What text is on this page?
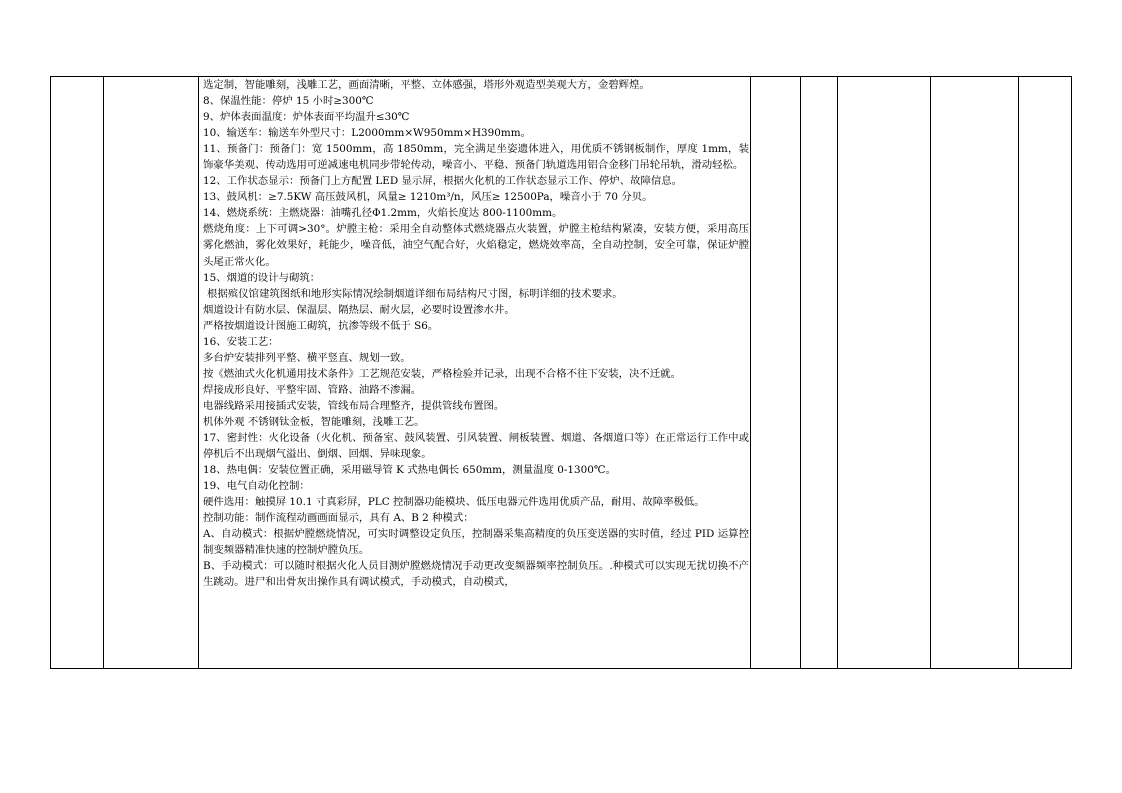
选定制，智能雕刻，浅雕工艺，画面清晰，平整、立体感强，塔形外观造型美观大方，金碧辉煌。

8、保温性能：停炉 15 小时≥300℃

9、炉体表面温度：炉体表面平均温升≤30℃

10、输送车：输送车外型尺寸：L2000mm×W950mm×H390mm。

11、预备门：预备门：宽 1500mm，高 1850mm，完全满足坐姿遗体进入，用优质不锈钢板制作，厚度 1mm，装饰豪华美观、传动选用可逆减速电机同步带轮传动，噪音小、平稳、预备门轨道选用铝合金移门吊轮吊轨，滑动轻松。

12、工作状态显示：预备门上方配置 LED 显示屏，根据火化机的工作状态显示工作、停炉、故障信息。

13、鼓风机：≥7.5KW 高压鼓风机，风量≥ 1210m³/n，风压≥ 12500Pa，噪音小于 70 分贝。

14、燃烧系统：主燃烧器：油嘴孔径Φ1.2mm，火焰长度达 800-1100mm。

燃烧角度：上下可调>30°。炉膛主枪：采用全自动整体式燃烧器点火装置，炉膛主枪结构紧凑，安装方便，采用高压雾化燃油，雾化效果好，耗能少，噪音低，油空气配合好，火焰稳定，燃烧效率高，全自动控制，安全可靠，保证炉膛头尾正常火化。

15、烟道的设计与砌筑：

根据殡仪馆建筑图纸和地形实际情况绘制烟道详细布局结构尺寸图，标明详细的技术要求。

烟道设计有防水层、保温层、隔热层、耐火层，必要时设置渗水井。

严格按烟道设计图施工砌筑，抗渗等级不低于 S6。

16、安装工艺：

多台炉安装排列平整、横平竖直、规划一致。

按《燃油式火化机通用技术条件》工艺规范安装，严格检验并记录，出现不合格不往下安装，决不迁就。

焊接成形良好、平整牢固、管路、油路不渗漏。

电器线路采用接插式安装，管线布局合理整齐，提供管线布置图。

机体外观 不锈钢钛金板，智能雕刻，浅雕工艺。

17、密封性：火化设备（火化机、预备室、鼓风装置、引风装置、闸板装置、烟道、各烟道口等）在正常运行工作中或停机后不出现烟气溢出、倒烟、回烟、异味现象。

18、热电偶：安装位置正确，采用磁导管 K 式热电偶长 650mm，测量温度 0-1300℃。

19、电气自动化控制：

硬件选用：触摸屏 10.1 寸真彩屏，PLC 控制器功能模块、低压电器元件选用优质产品，耐用、故障率极低。

控制功能：制作流程动画画面显示，具有 A、B 2 种模式：

A、自动模式：根据炉膛燃烧情况，可实时调整设定负压，控制器采集高精度的负压变送器的实时值，经过 PID 运算控制变频器精准快速的控制炉膛负压。

B、手动模式：可以随时根据火化人员目测炉膛燃烧情况手动更改变频器频率控制负压。.种模式可以实现无扰切换不产生跳动。进尸和出骨灰出操作具有调试模式，手动模式，自动模式，
